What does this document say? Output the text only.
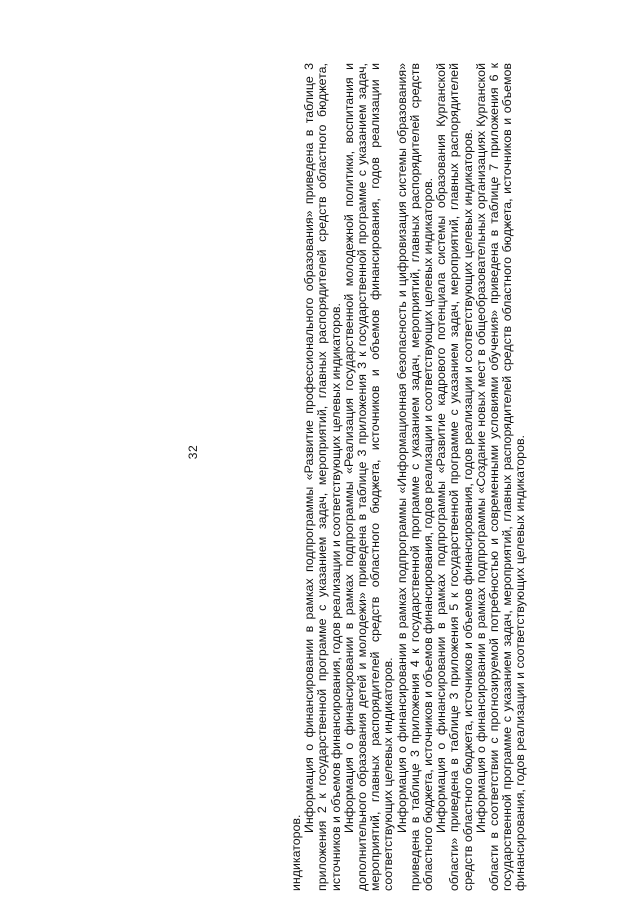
32

индикаторов.

Информация о финансировании в рамках подпрограммы «Развитие профессионального образования» приведена в таблице 3 приложения 2 к государственной программе с указанием задач, мероприятий, главных распорядителей средств областного бюджета, источников и объемов финансирования, годов реализации и соответствующих целевых индикаторов. Информация о финансировании в рамках подпрограммы «Реализация государственной молодежной политики, воспитания и дополнительного образования детей и молодежи» приведена в таблице 3 приложения 3 к государственной программе с указанием задач, мероприятий, главных распорядителей средств областного бюджета, источников и объемов финансирования, годов реализации и соответствующих целевых индикаторов. Информация о финансировании в рамках подпрограммы «Информационная безопасность и цифровизация системы образования» приведена в таблице 3 приложения 4 к государственной программе с указанием задач, мероприятий, главных распорядителей средств областного бюджета, источников и объемов финансирования, годов реализации и соответствующих целевых индикаторов. Информация о финансировании в рамках подпрограммы «Развитие кадрового потенциала системы образования Курганской области» приведена в таблице 3 приложения 5 к государственной программе с указанием задач, мероприятий, главных распорядителей средств областного бюджета, источников и объемов финансирования, годов реализации и соответствующих целевых индикаторов. Информация о финансировании в рамках подпрограммы «Создание новых мест в общеобразовательных организациях Курганской области в соответствии с прогнозируемой потребностью и современными условиями обучения» приведена в таблице 7 приложения 6 к государственной программе с указанием задач, мероприятий, главных распорядителей средств областного бюджета, источников и объемов финансирования, годов реализации и соответствующих целевых индикаторов.
